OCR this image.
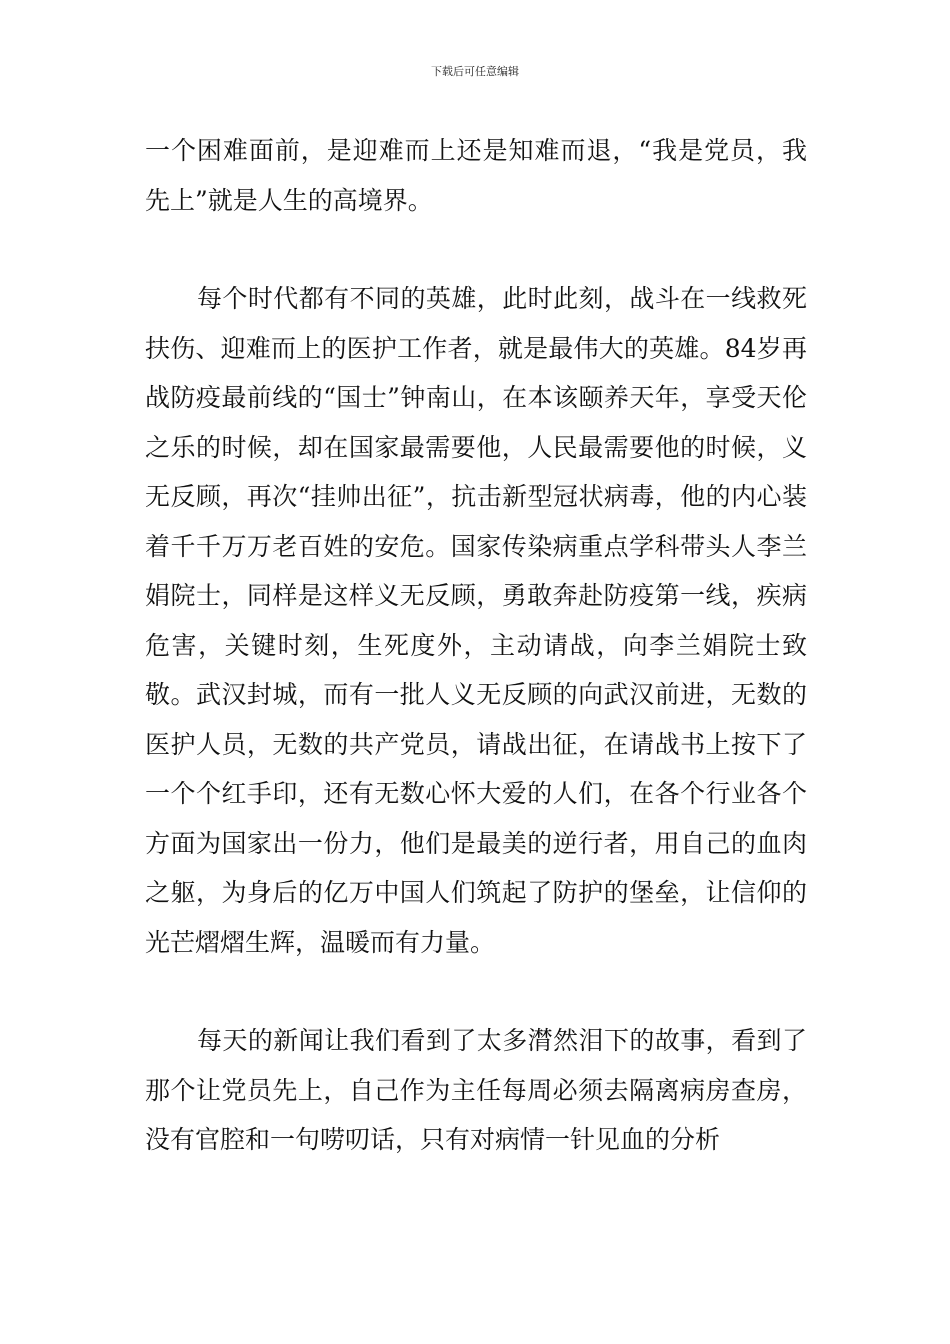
下载后可任意编辑

一个困难面前，是迎难而上还是知难而退，“我是党员，我先上”就是人生的高境界。

每个时代都有不同的英雄，此时此刻，战斗在一线救死扶伤、迎难而上的医护工作者，就是最伟大的英雄。84岁再战防疫最前线的“国士”钟南山，在本该颐养天年，享受天伦之乐的时候，却在国家最需要他，人民最需要他的时候，义无反顾，再次“挂帅出征”，抗击新型冠状病毒，他的内心装着千千万万老百姓的安危。国家传染病重点学科带头人李兰娟院士，同样是这样义无反顾，勇敢奔赴防疫第一线，疾病危害，关键时刻，生死度外，主动请战，向李兰娟院士致敬。武汉封城，而有一批人义无反顾的向武汉前进，无数的医护人员，无数的共产党员，请战出征，在请战书上按下了一个个红手印，还有无数心怀大爱的人们，在各个行业各个方面为国家出一份力，他们是最美的逆行者，用自己的血肉之躯，为身后的亿万中国人们筑起了防护的堡垒，让信仰的光芒熠熠生辉，温暖而有力量。

每天的新闻让我们看到了太多潸然泪下的故事，看到了那个让党员先上，自己作为主任每周必须去隔离病房查房，没有官腔和一句唠叨话，只有对病情一针见血的分析
